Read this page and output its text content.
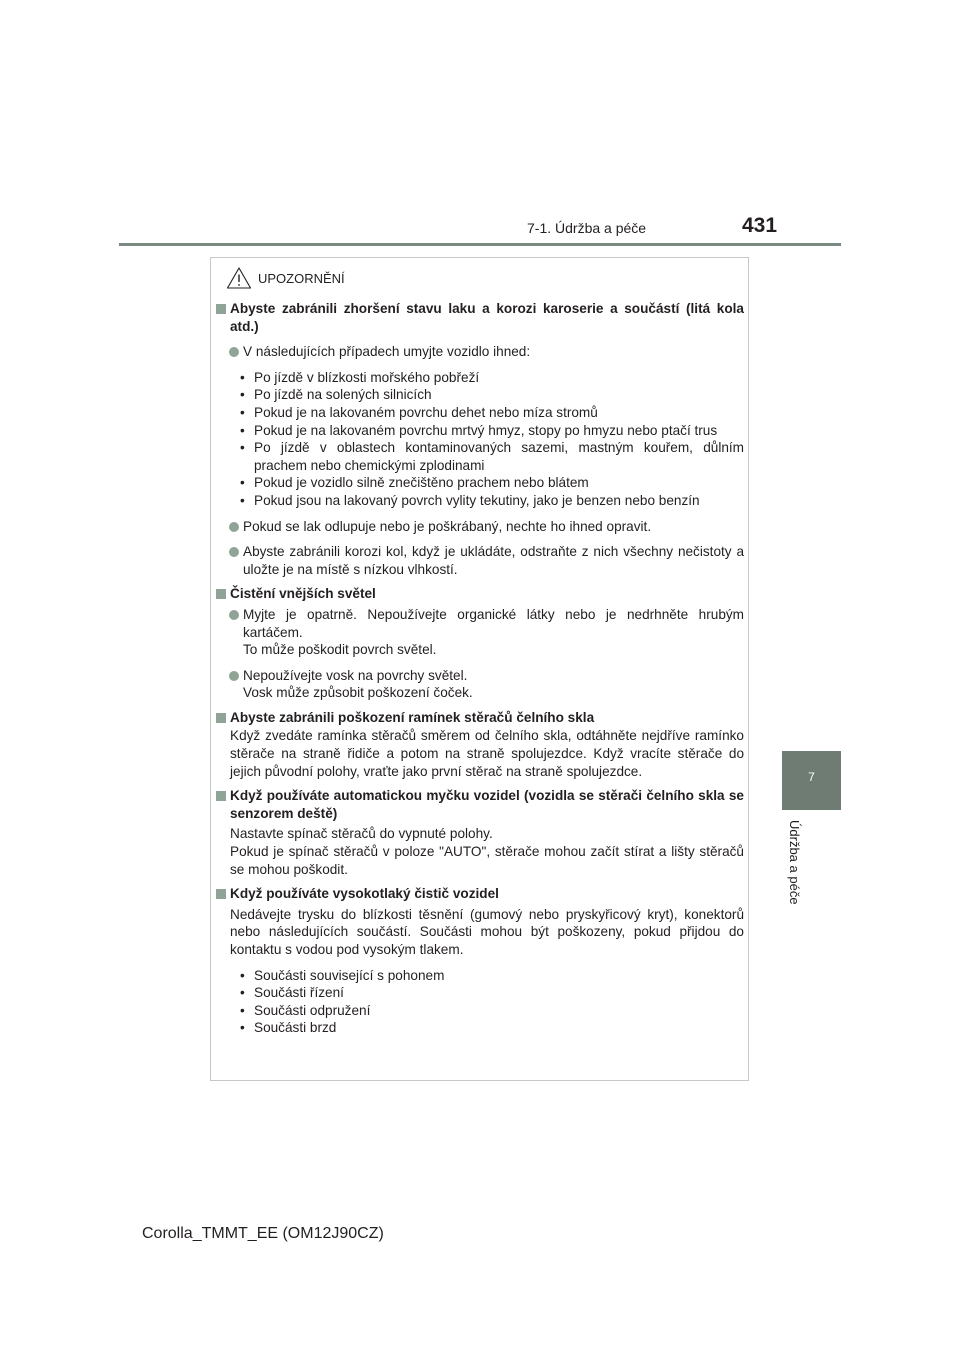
7-1. Údržba a péče	431
7
Údržba a péče
UPOZORNĚNÍ
Abyste zabránili zhoršení stavu laku a korozi karoserie a součástí (litá kola atd.)
V následujících případech umyjte vozidlo ihned:
• Po jízdě v blízkosti mořského pobřeží
• Po jízdě na solených silnicích
• Pokud je na lakovaném povrchu dehet nebo míza stromů
• Pokud je na lakovaném povrchu mrtvý hmyz, stopy po hmyzu nebo ptačí trus
• Po jízdě v oblastech kontaminovaných sazemi, mastným kouřem, důlním prachem nebo chemickými zplodinami
• Pokud je vozidlo silně znečištěno prachem nebo blátem
• Pokud jsou na lakovaný povrch vylity tekutiny, jako je benzen nebo benzín
Pokud se lak odlupuje nebo je poškrábaný, nechte ho ihned opravit.
Abyste zabránili korozi kol, když je ukládáte, odstraňte z nich všechny nečistoty a uložte je na místě s nízkou vlhkostí.
Čistění vnějších světel
Myjte je opatrně. Nepoužívejte organické látky nebo je nedrhněte hrubým kartáčem.
To může poškodit povrch světel.
Nepoužívejte vosk na povrchy světel.
Vosk může způsobit poškození čoček.
Abyste zabránili poškození ramínek stěračů čelního skla
Když zvedáte ramínka stěračů směrem od čelního skla, odtáhněte nejdříve ramínko stěrače na straně řidiče a potom na straně spolujezdce. Když vracíte stěrače do jejich původní polohy, vraťte jako první stěrač na straně spolujezdce.
Když používáte automatickou myčku vozidel (vozidla se stěrači čelního skla se senzorem deště)
Nastavte spínač stěračů do vypnuté polohy.
Pokud je spínač stěračů v poloze "AUTO", stěrače mohou začít stírat a lišty stěračů se mohou poškodit.
Když používáte vysokotlaký čistič vozidel
Nedávejte trysku do blízkosti těsnění (gumový nebo pryskyřicový kryt), konektorů nebo následujících součástí. Součásti mohou být poškozeny, pokud přijdou do kontaktu s vodou pod vysokým tlakem.
• Součásti související s pohonem
• Součásti řízení
• Součásti odpružení
• Součásti brzd
Corolla_TMMT_EE (OM12J90CZ)
